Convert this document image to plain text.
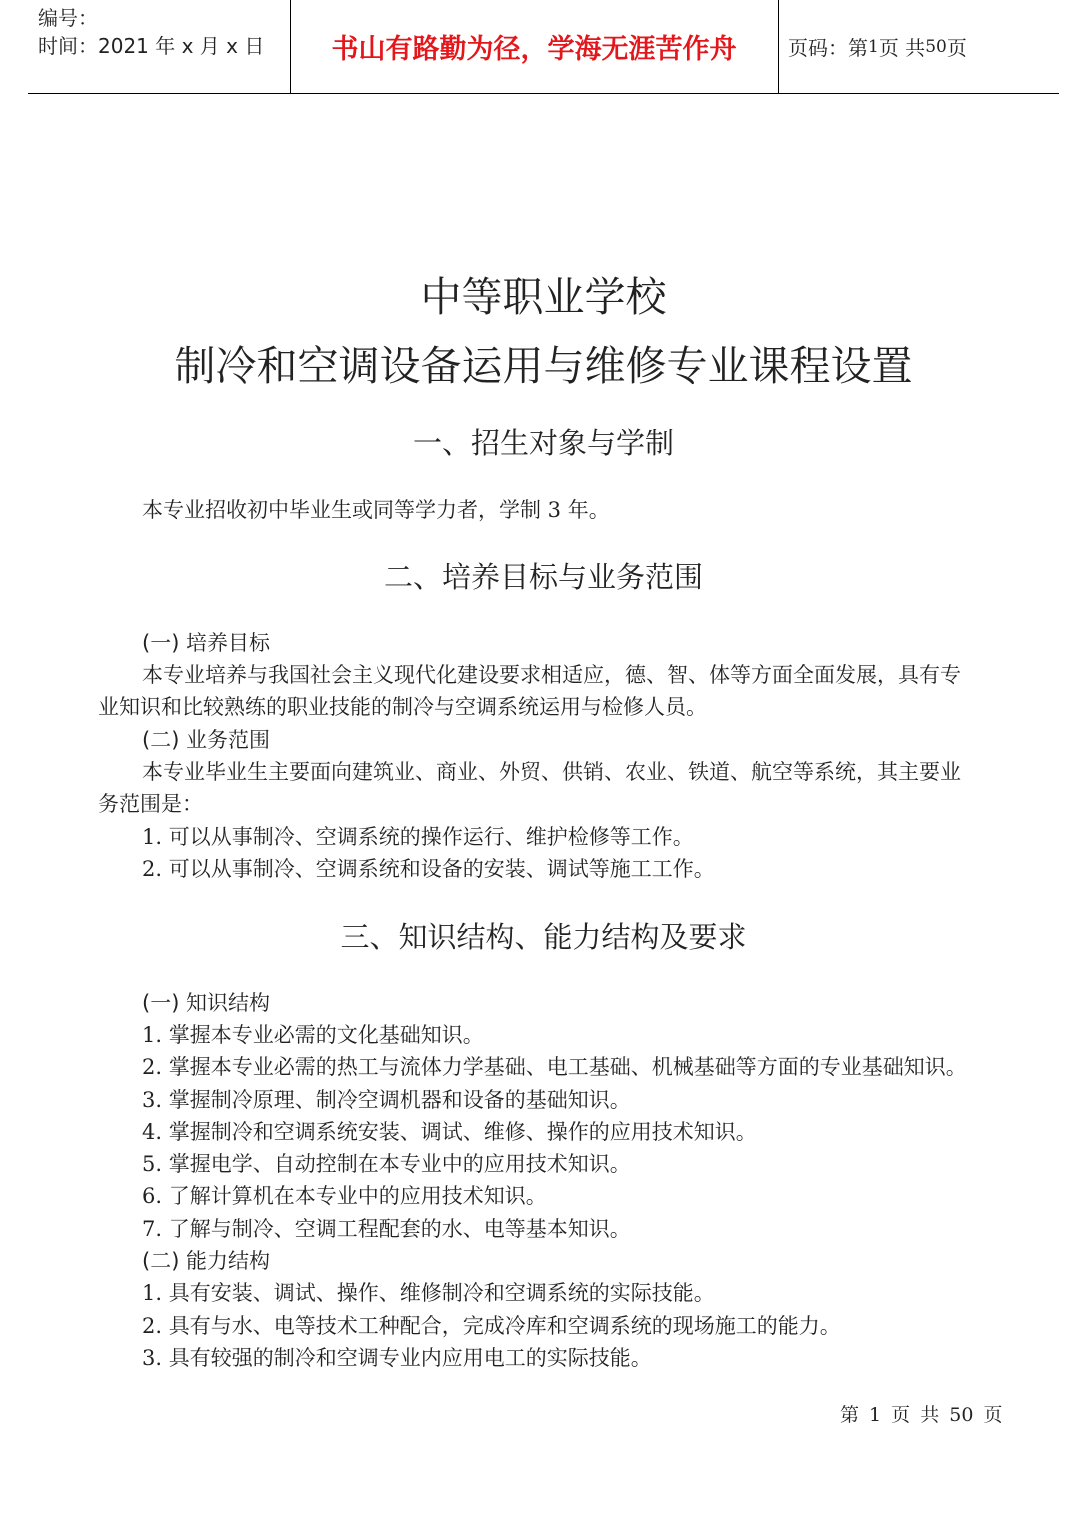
编号：
时间：2021 年 x 月 x 日	书山有路勤为径，学海无涯苦作舟	页码：第 1 页 共 50 页
中等职业学校
制冷和空调设备运用与维修专业课程设置
一、招生对象与学制
本专业招收初中毕业生或同等学力者，学制 3 年。
二、培养目标与业务范围
(一) 培养目标
本专业培养与我国社会主义现代化建设要求相适应，德、智、体等方面全面发展，具有专
业知识和比较熟练的职业技能的制冷与空调系统运用与检修人员。
(二) 业务范围
本专业毕业生主要面向建筑业、商业、外贸、供销、农业、铁道、航空等系统，其主要业
务范围是：
1. 可以从事制冷、空调系统的操作运行、维护检修等工作。
2. 可以从事制冷、空调系统和设备的安装、调试等施工工作。
三、知识结构、能力结构及要求
(一) 知识结构
1. 掌握本专业必需的文化基础知识。
2. 掌握本专业必需的热工与流体力学基础、电工基础、机械基础等方面的专业基础知识。
3. 掌握制冷原理、制冷空调机器和设备的基础知识。
4. 掌握制冷和空调系统安装、调试、维修、操作的应用技术知识。
5. 掌握电学、自动控制在本专业中的应用技术知识。
6. 了解计算机在本专业中的应用技术知识。
7. 了解与制冷、空调工程配套的水、电等基本知识。
(二) 能力结构
1. 具有安装、调试、操作、维修制冷和空调系统的实际技能。
2. 具有与水、电等技术工种配合，完成冷库和空调系统的现场施工的能力。
3. 具有较强的制冷和空调专业内应用电工的实际技能。
第 1 页 共 50 页
